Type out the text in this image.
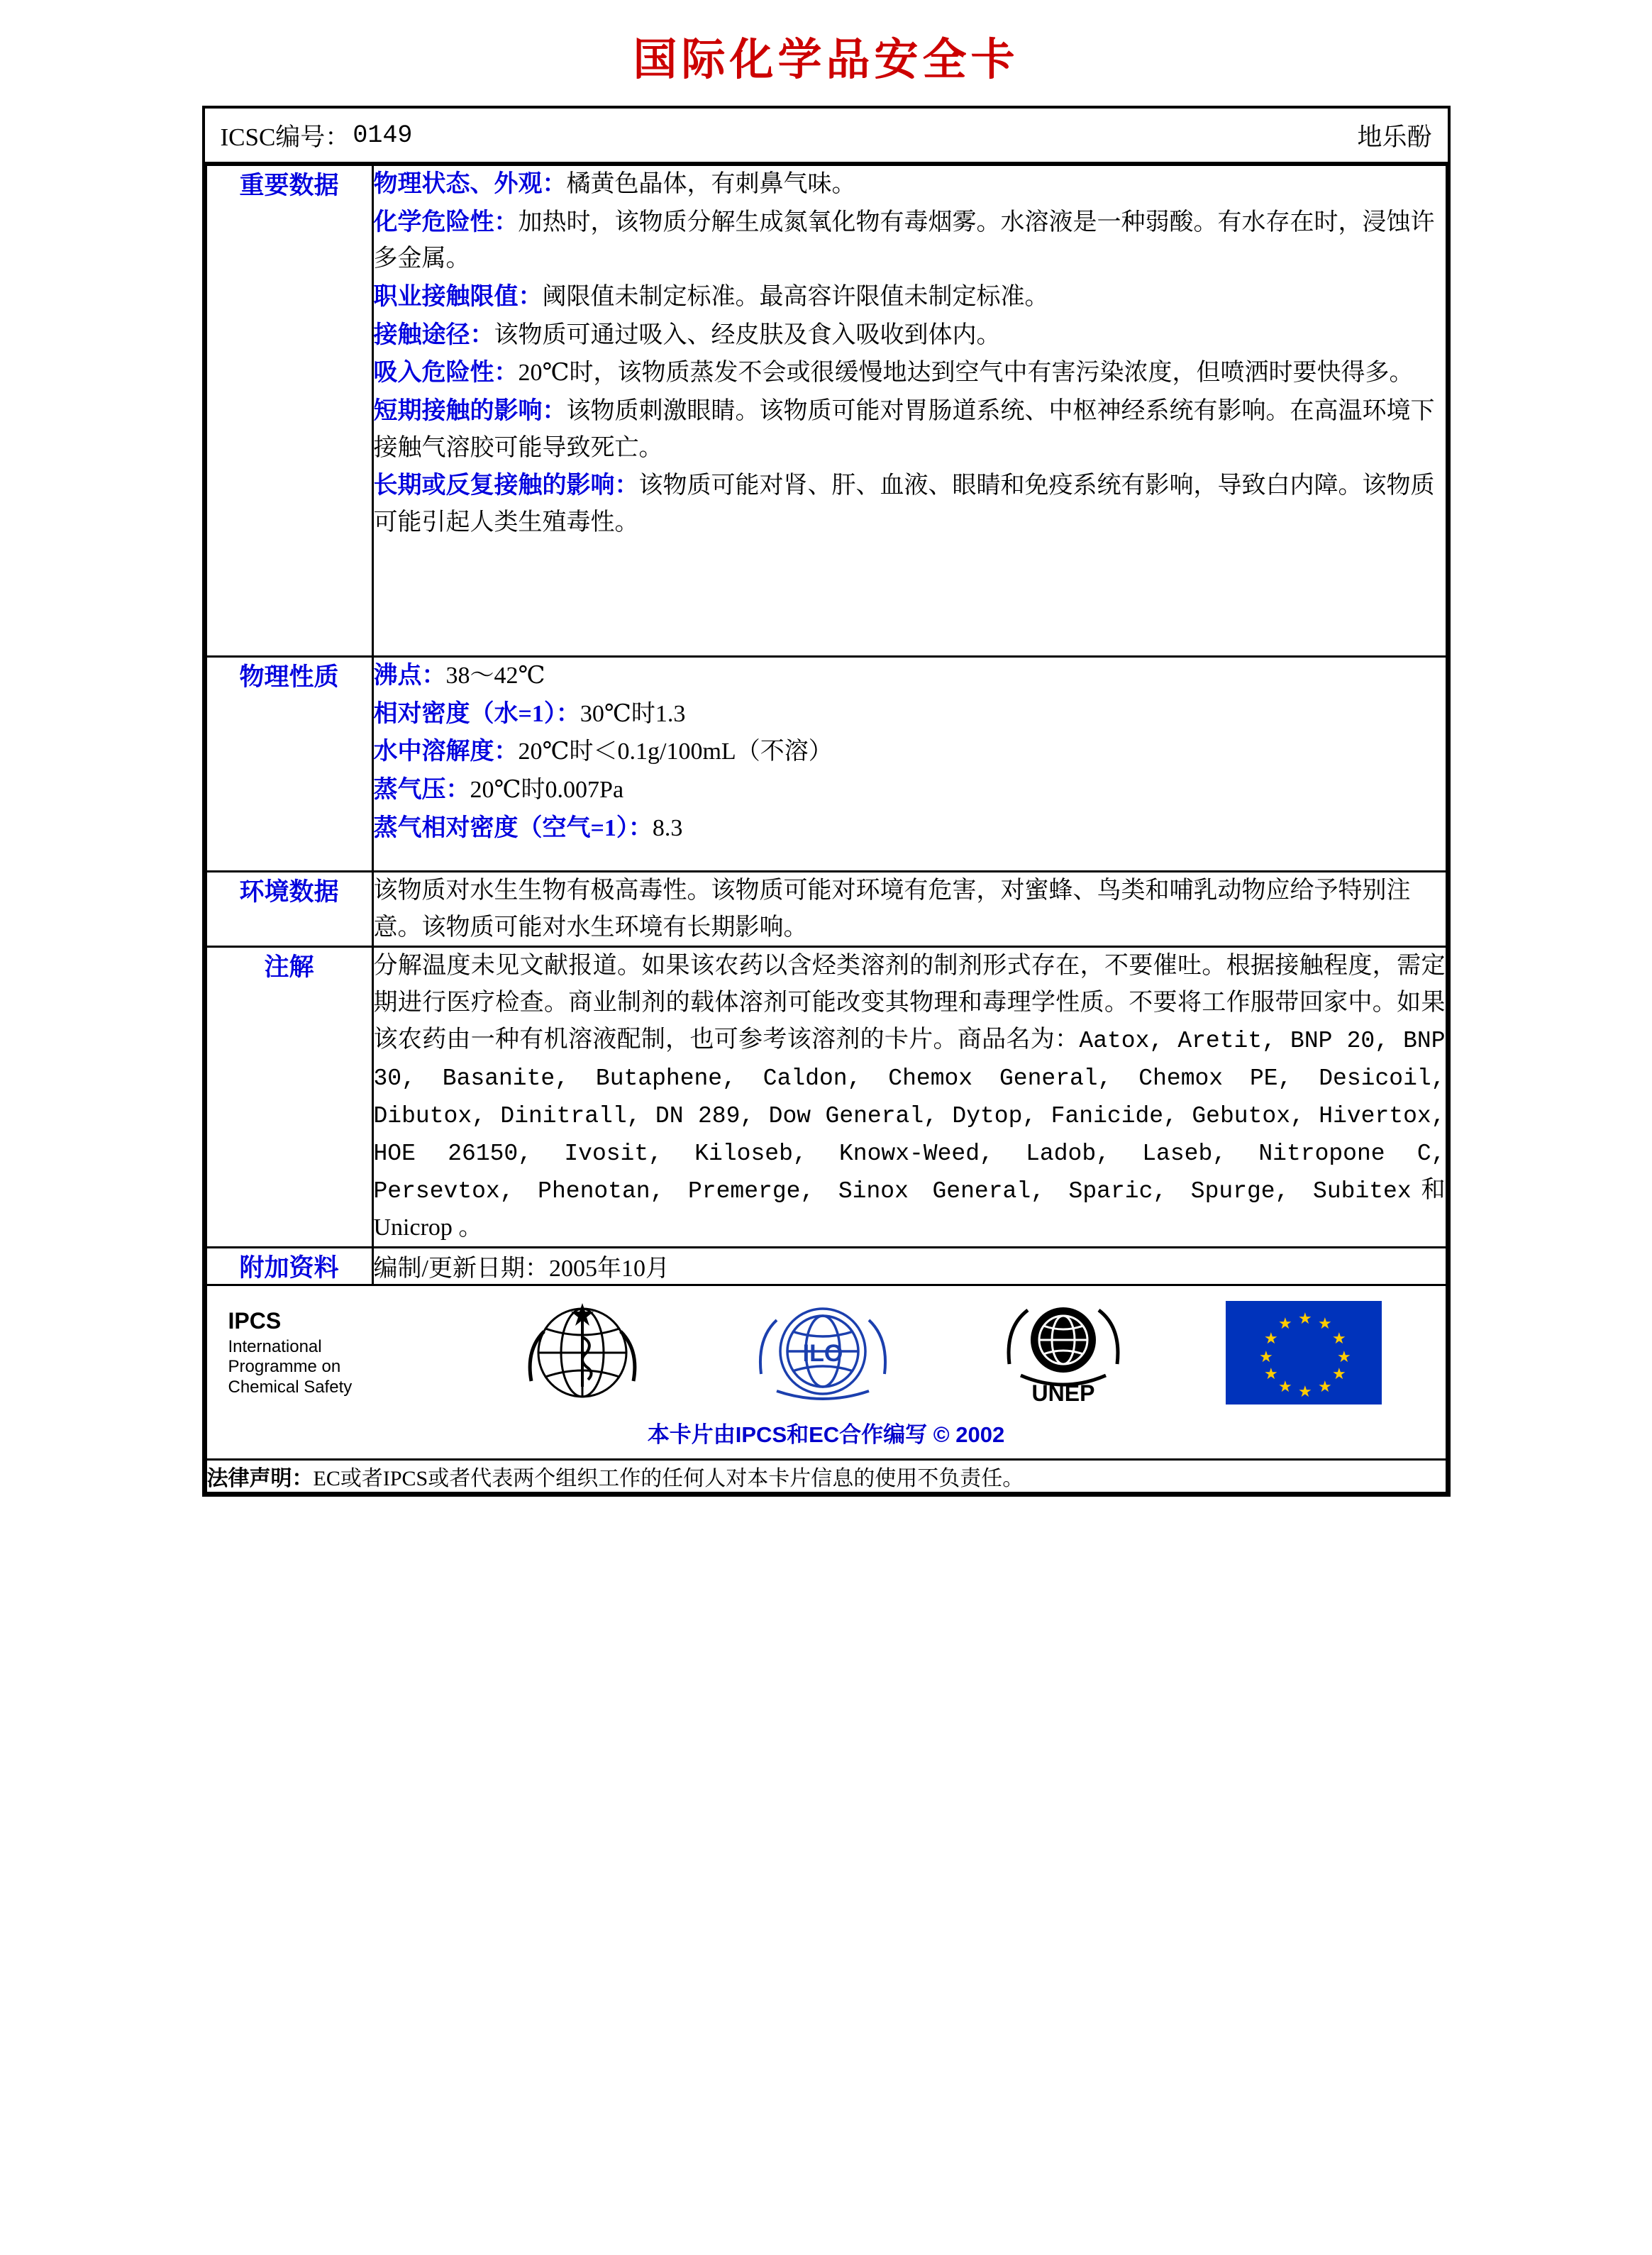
国际化学品安全卡
ICSC编号： 0149	地乐酚
重要数据	物理状态、外观：橘黄色晶体，有刺鼻气味。
化学危险性：加热时，该物质分解生成氮氧化物有毒烟雾。水溶液是一种弱酸。有水存在时，浸蚀许多金属。
职业接触限值：阈限值未制定标准。最高容许限值未制定标准。
接触途径：该物质可通过吸入、经皮肤及食入吸收到体内。
吸入危险性：20℃时，该物质蒸发不会或很缓慢地达到空气中有害污染浓度，但喷洒时要快得多。
短期接触的影响：该物质刺激眼睛。该物质可能对胃肠道系统、中枢神经系统有影响。在高温环境下接触气溶胶可能导致死亡。
长期或反复接触的影响：该物质可能对肾、肝、血液、眼睛和免疫系统有影响，导致白内障。该物质可能引起人类生殖毒性。

物理性质	沸点：38～42℃
相对密度（水=1）：30℃时1.3
水中溶解度：20℃时＜0.1g/100mL（不溶）
蒸气压：20℃时0.007Pa
蒸气相对密度（空气=1）：8.3

环境数据	该物质对水生生物有极高毒性。该物质可能对环境有危害，对蜜蜂、鸟类和哺乳动物应给予特别注意。该物质可能对水生环境有长期影响。
注解	分解温度未见文献报道。如果该农药以含烃类溶剂的制剂形式存在，不要催吐。根据接触程度，需定期进行医疗检查。商业制剂的载体溶剂可能改变其物理和毒理学性质。不要将工作服带回家中。如果该农药由一种有机溶液配制，也可参考该溶剂的卡片。商品名为：Aatox, Aretit, BNP 20, BNP 30, Basanite, Butaphene, Caldon, Chemox General, Chemox PE, Desicoil, Dibutox, Dinitrall, DN 289, Dow General, Dytop, Fanicide, Gebutox, Hivertox, HOE 26150, Ivosit, Kiloseb, Knowx-Weed, Ladob, Laseb, Nitropone C, Persevtox, Phenotan, Premerge, Sinox General, Sparic, Spurge, Subitex和 Unicrop 。
附加资料	编制/更新日期：2005年10月

IPCS
International
Programme on
Chemical Safety
ILO
UNEP
★
★ ★
★	★
★	★
★	★
★ ★
★
本卡片由IPCS和EC合作编写 © 2002

法律声明：EC或者IPCS或者代表两个组织工作的任何人对本卡片信息的使用不负责任。	
